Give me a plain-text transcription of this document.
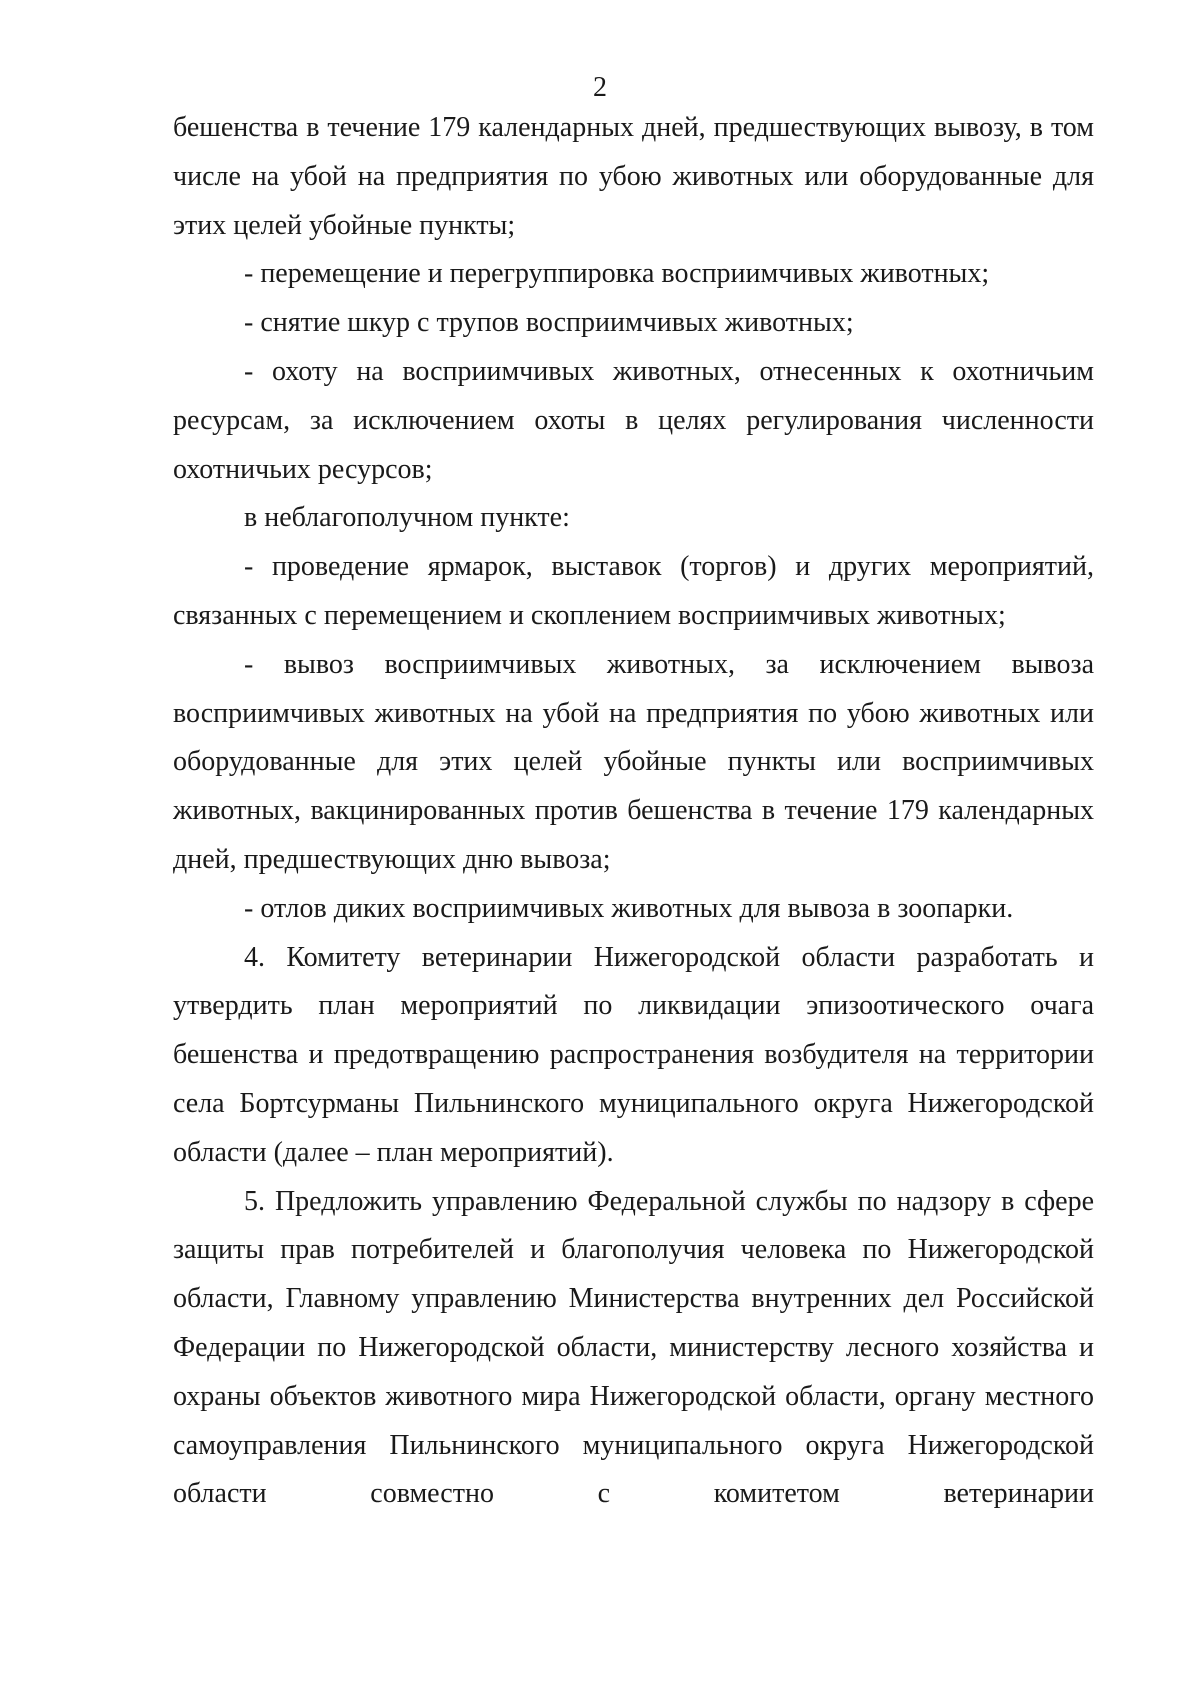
2

бешенства в течение 179 календарных дней, предшествующих вывозу, в том числе на убой на предприятия по убою животных или оборудованные для этих целей убойные пункты;

- перемещение и перегруппировка восприимчивых животных;

- снятие шкур с трупов восприимчивых животных;

- охоту на восприимчивых животных, отнесенных к охотничьим ресурсам, за исключением охоты в целях регулирования численности охотничьих ресурсов;

в неблагополучном пункте:

- проведение ярмарок, выставок (торгов) и других мероприятий, связанных с перемещением и скоплением восприимчивых животных;

- вывоз восприимчивых животных, за исключением вывоза восприимчивых животных на убой на предприятия по убою животных или оборудованные для этих целей убойные пункты или восприимчивых животных, вакцинированных против бешенства в течение 179 календарных дней, предшествующих дню вывоза;

- отлов диких восприимчивых животных для вывоза в зоопарки.

4. Комитету ветеринарии Нижегородской области разработать и утвердить план мероприятий по ликвидации эпизоотического очага бешенства и предотвращению распространения возбудителя на территории села Бортсурманы Пильнинского муниципального округа Нижегородской области (далее – план мероприятий).

5. Предложить управлению Федеральной службы по надзору в сфере защиты прав потребителей и благополучия человека по Нижегородской области, Главному управлению Министерства внутренних дел Российской Федерации по Нижегородской области, министерству лесного хозяйства и охраны объектов животного мира Нижегородской области, органу местного самоуправления Пильнинского муниципального округа Нижегородской области совместно с комитетом ветеринарии
